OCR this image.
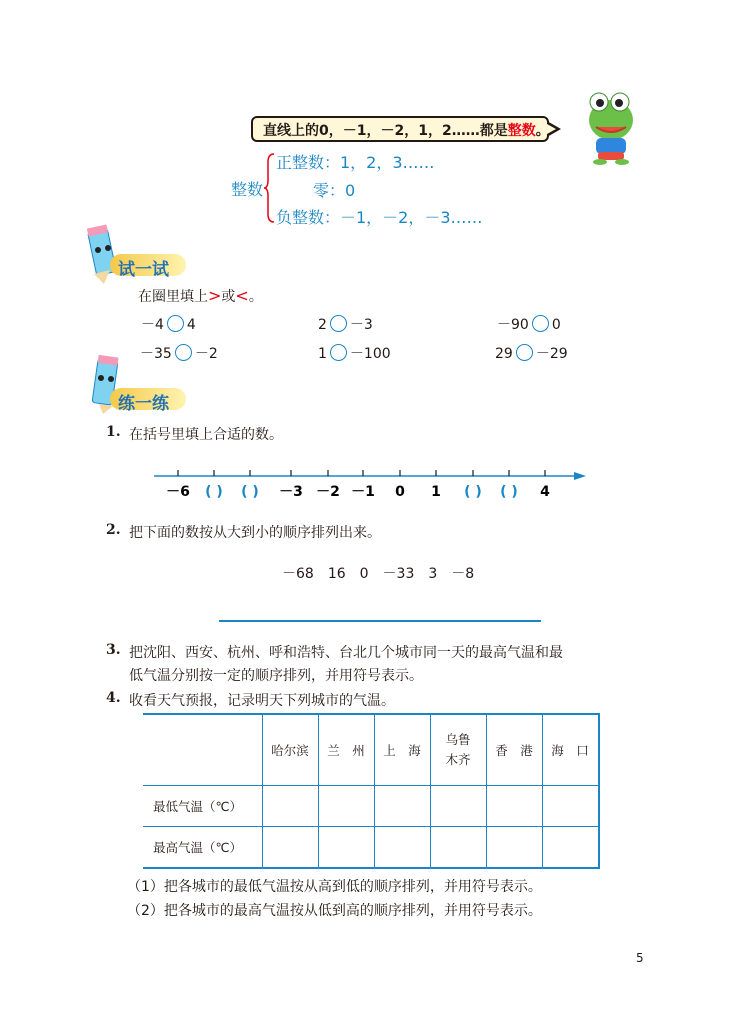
直线上的0，－1，－2，1，2……都是整数。
整数
正整数：1，2，3……
零：0
负整数：－1，－2，－3……
试一试
在圈里填上>或<。
－4 4	2 －3	－90 0
－35 －2	1 －100	29 －29
练一练
1. 在括号里填上合适的数。
－6 ( ) ( ) －3 －2 －1 0 1 ( ) ( ) 4
2. 把下面的数按从大到小的顺序排列出来。
－68　16　0　－33　3　－8
3. 把沈阳、西安、杭州、呼和浩特、台北几个城市同一天的最高气温和最
低气温分别按一定的顺序排列，并用符号表示。
4. 收看天气预报，记录明天下列城市的气温。
	哈尔滨	兰　州	上　海	乌鲁
木齐	香　港	海　口
最低气温（℃）						
最高气温（℃）						
（1）把各城市的最低气温按从高到低的顺序排列，并用符号表示。
（2）把各城市的最高气温按从低到高的顺序排列，并用符号表示。
5
